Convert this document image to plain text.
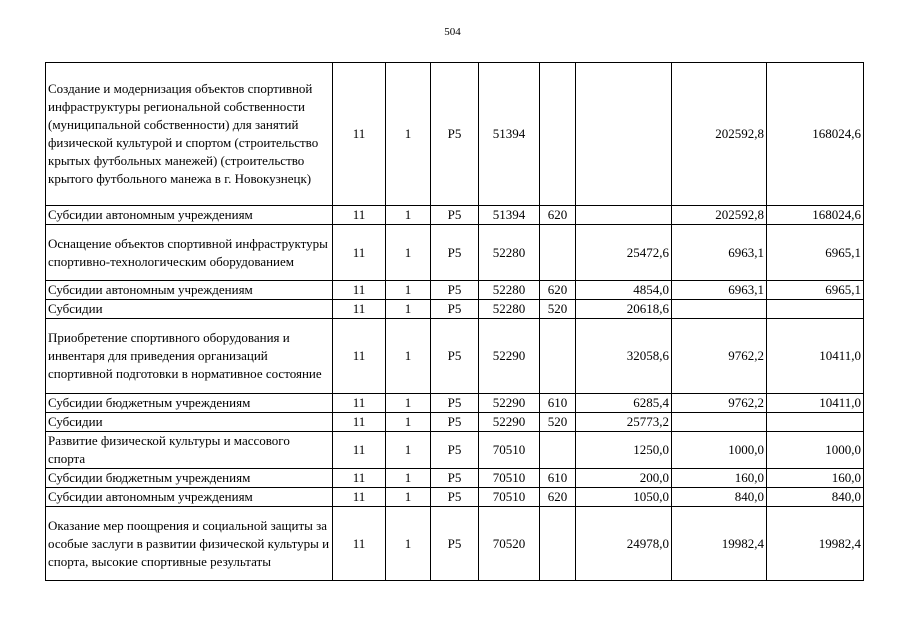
504
Создание и модернизация объектов спортивной инфраструктуры региональной собственности (муниципальной собственности) для занятий физической культурой и спортом (строительство крытых футбольных манежей) (строительство крытого футбольного манежа в г. Новокузнецк)	11	1	Р5	51394			202592,8	168024,6
Субсидии автономным учреждениям	11	1	Р5	51394	620		202592,8	168024,6
Оснащение объектов спортивной инфраструктуры спортивно-технологическим оборудованием	11	1	Р5	52280		25472,6	6963,1	6965,1
Субсидии автономным учреждениям	11	1	Р5	52280	620	4854,0	6963,1	6965,1
Субсидии	11	1	Р5	52280	520	20618,6		
Приобретение спортивного оборудования и инвентаря для приведения организаций спортивной подготовки в нормативное состояние	11	1	Р5	52290		32058,6	9762,2	10411,0
Субсидии бюджетным учреждениям	11	1	Р5	52290	610	6285,4	9762,2	10411,0
Субсидии	11	1	Р5	52290	520	25773,2		
Развитие физической культуры и массового спорта	11	1	Р5	70510		1250,0	1000,0	1000,0
Субсидии бюджетным учреждениям	11	1	Р5	70510	610	200,0	160,0	160,0
Субсидии автономным учреждениям	11	1	Р5	70510	620	1050,0	840,0	840,0
Оказание мер поощрения и социальной защиты за особые заслуги в развитии физической культуры и спорта, высокие спортивные результаты	11	1	Р5	70520		24978,0	19982,4	19982,4
